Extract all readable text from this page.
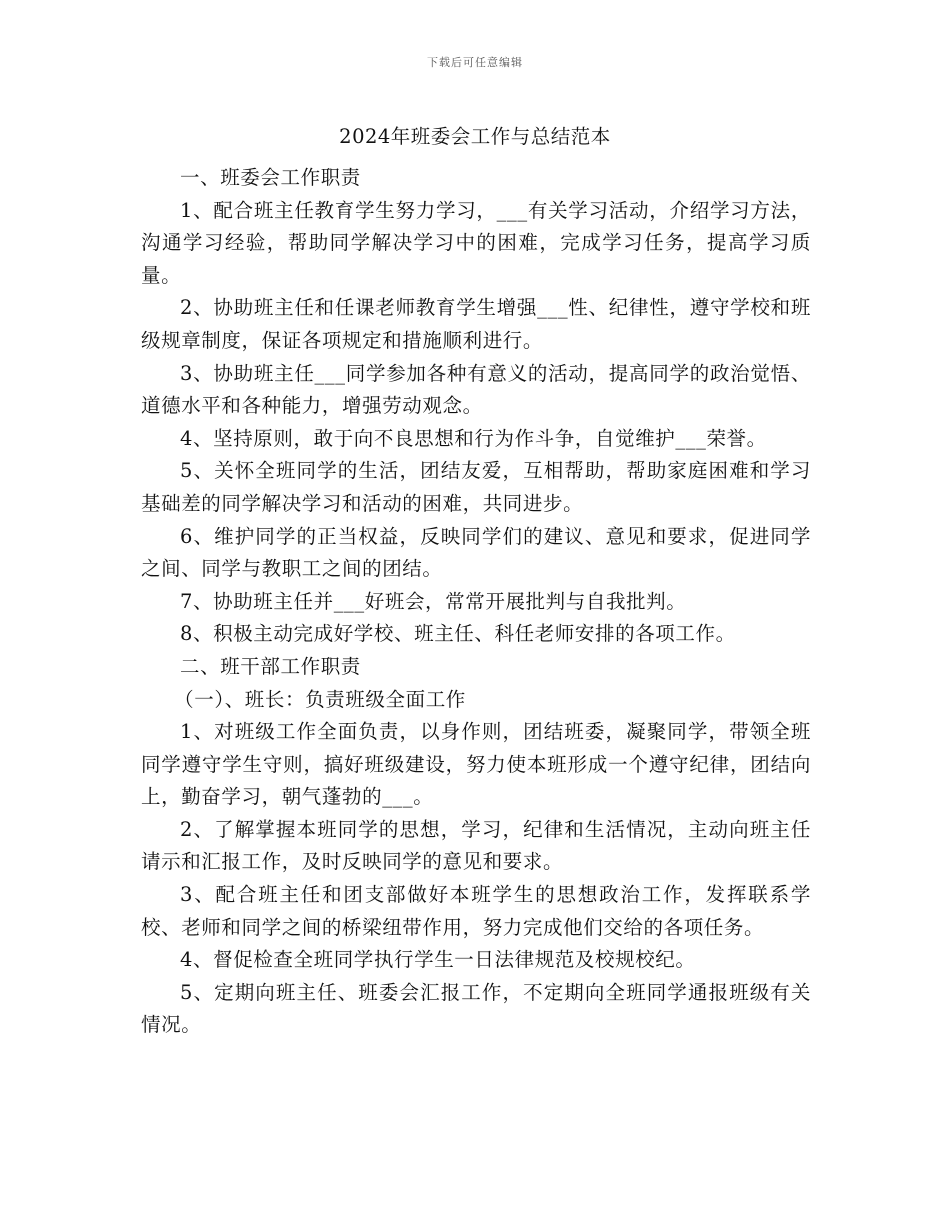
下载后可任意编辑
2024年班委会工作与总结范本

一、班委会工作职责

1、配合班主任教育学生努力学习，___有关学习活动，介绍学习方法，沟通学习经验，帮助同学解决学习中的困难，完成学习任务，提高学习质量。

2、协助班主任和任课老师教育学生增强___性、纪律性，遵守学校和班级规章制度，保证各项规定和措施顺利进行。

3、协助班主任___同学参加各种有意义的活动，提高同学的政治觉悟、道德水平和各种能力，增强劳动观念。

4、坚持原则，敢于向不良思想和行为作斗争，自觉维护___荣誉。

5、关怀全班同学的生活，团结友爱，互相帮助，帮助家庭困难和学习基础差的同学解决学习和活动的困难，共同进步。

6、维护同学的正当权益，反映同学们的建议、意见和要求，促进同学之间、同学与教职工之间的团结。

7、协助班主任并___好班会，常常开展批判与自我批判。

8、积极主动完成好学校、班主任、科任老师安排的各项工作。

二、班干部工作职责

（一）、班长：负责班级全面工作

1、对班级工作全面负责，以身作则，团结班委，凝聚同学，带领全班同学遵守学生守则，搞好班级建设，努力使本班形成一个遵守纪律，团结向上，勤奋学习，朝气蓬勃的___。

2、了解掌握本班同学的思想，学习，纪律和生活情况，主动向班主任请示和汇报工作，及时反映同学的意见和要求。

3、配合班主任和团支部做好本班学生的思想政治工作，发挥联系学校、老师和同学之间的桥梁纽带作用，努力完成他们交给的各项任务。

4、督促检查全班同学执行学生一日法律规范及校规校纪。

5、定期向班主任、班委会汇报工作，不定期向全班同学通报班级有关情况。
